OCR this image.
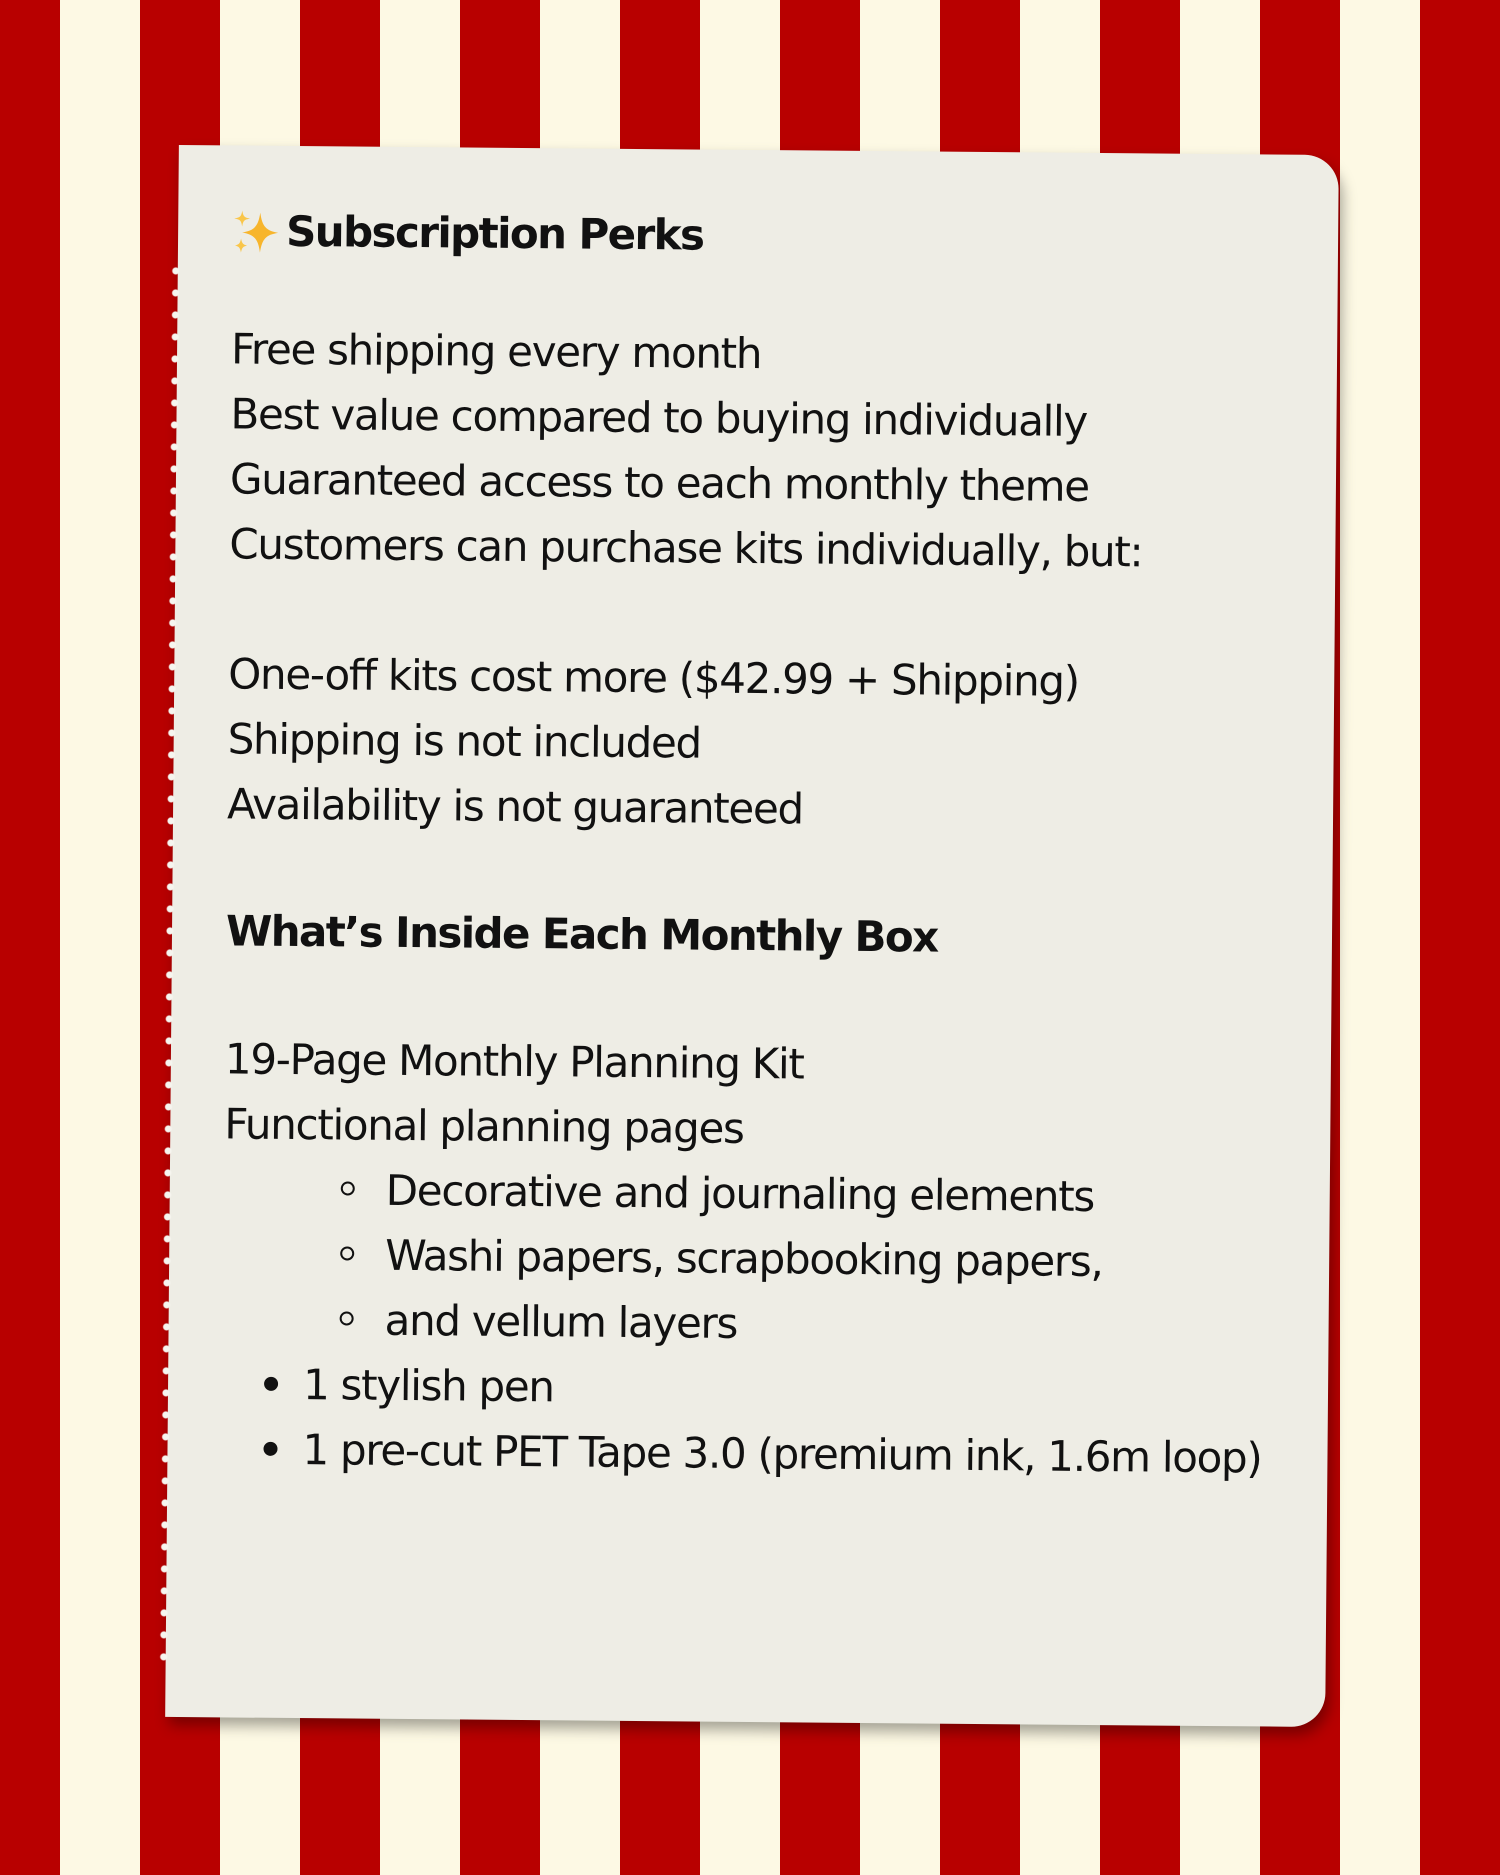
Subscription Perks

Free shipping every month

Best value compared to buying individually

Guaranteed access to each monthly theme

Customers can purchase kits individually, but:

One-off kits cost more ($42.99 + Shipping)

Shipping is not included

Availability is not guaranteed

What’s Inside Each Monthly Box

19-Page Monthly Planning Kit

Functional planning pages

Decorative and journaling elements
Washi papers, scrapbooking papers,
and vellum layers
1 stylish pen
1 pre-cut PET Tape 3.0 (premium ink, 1.6m loop)
